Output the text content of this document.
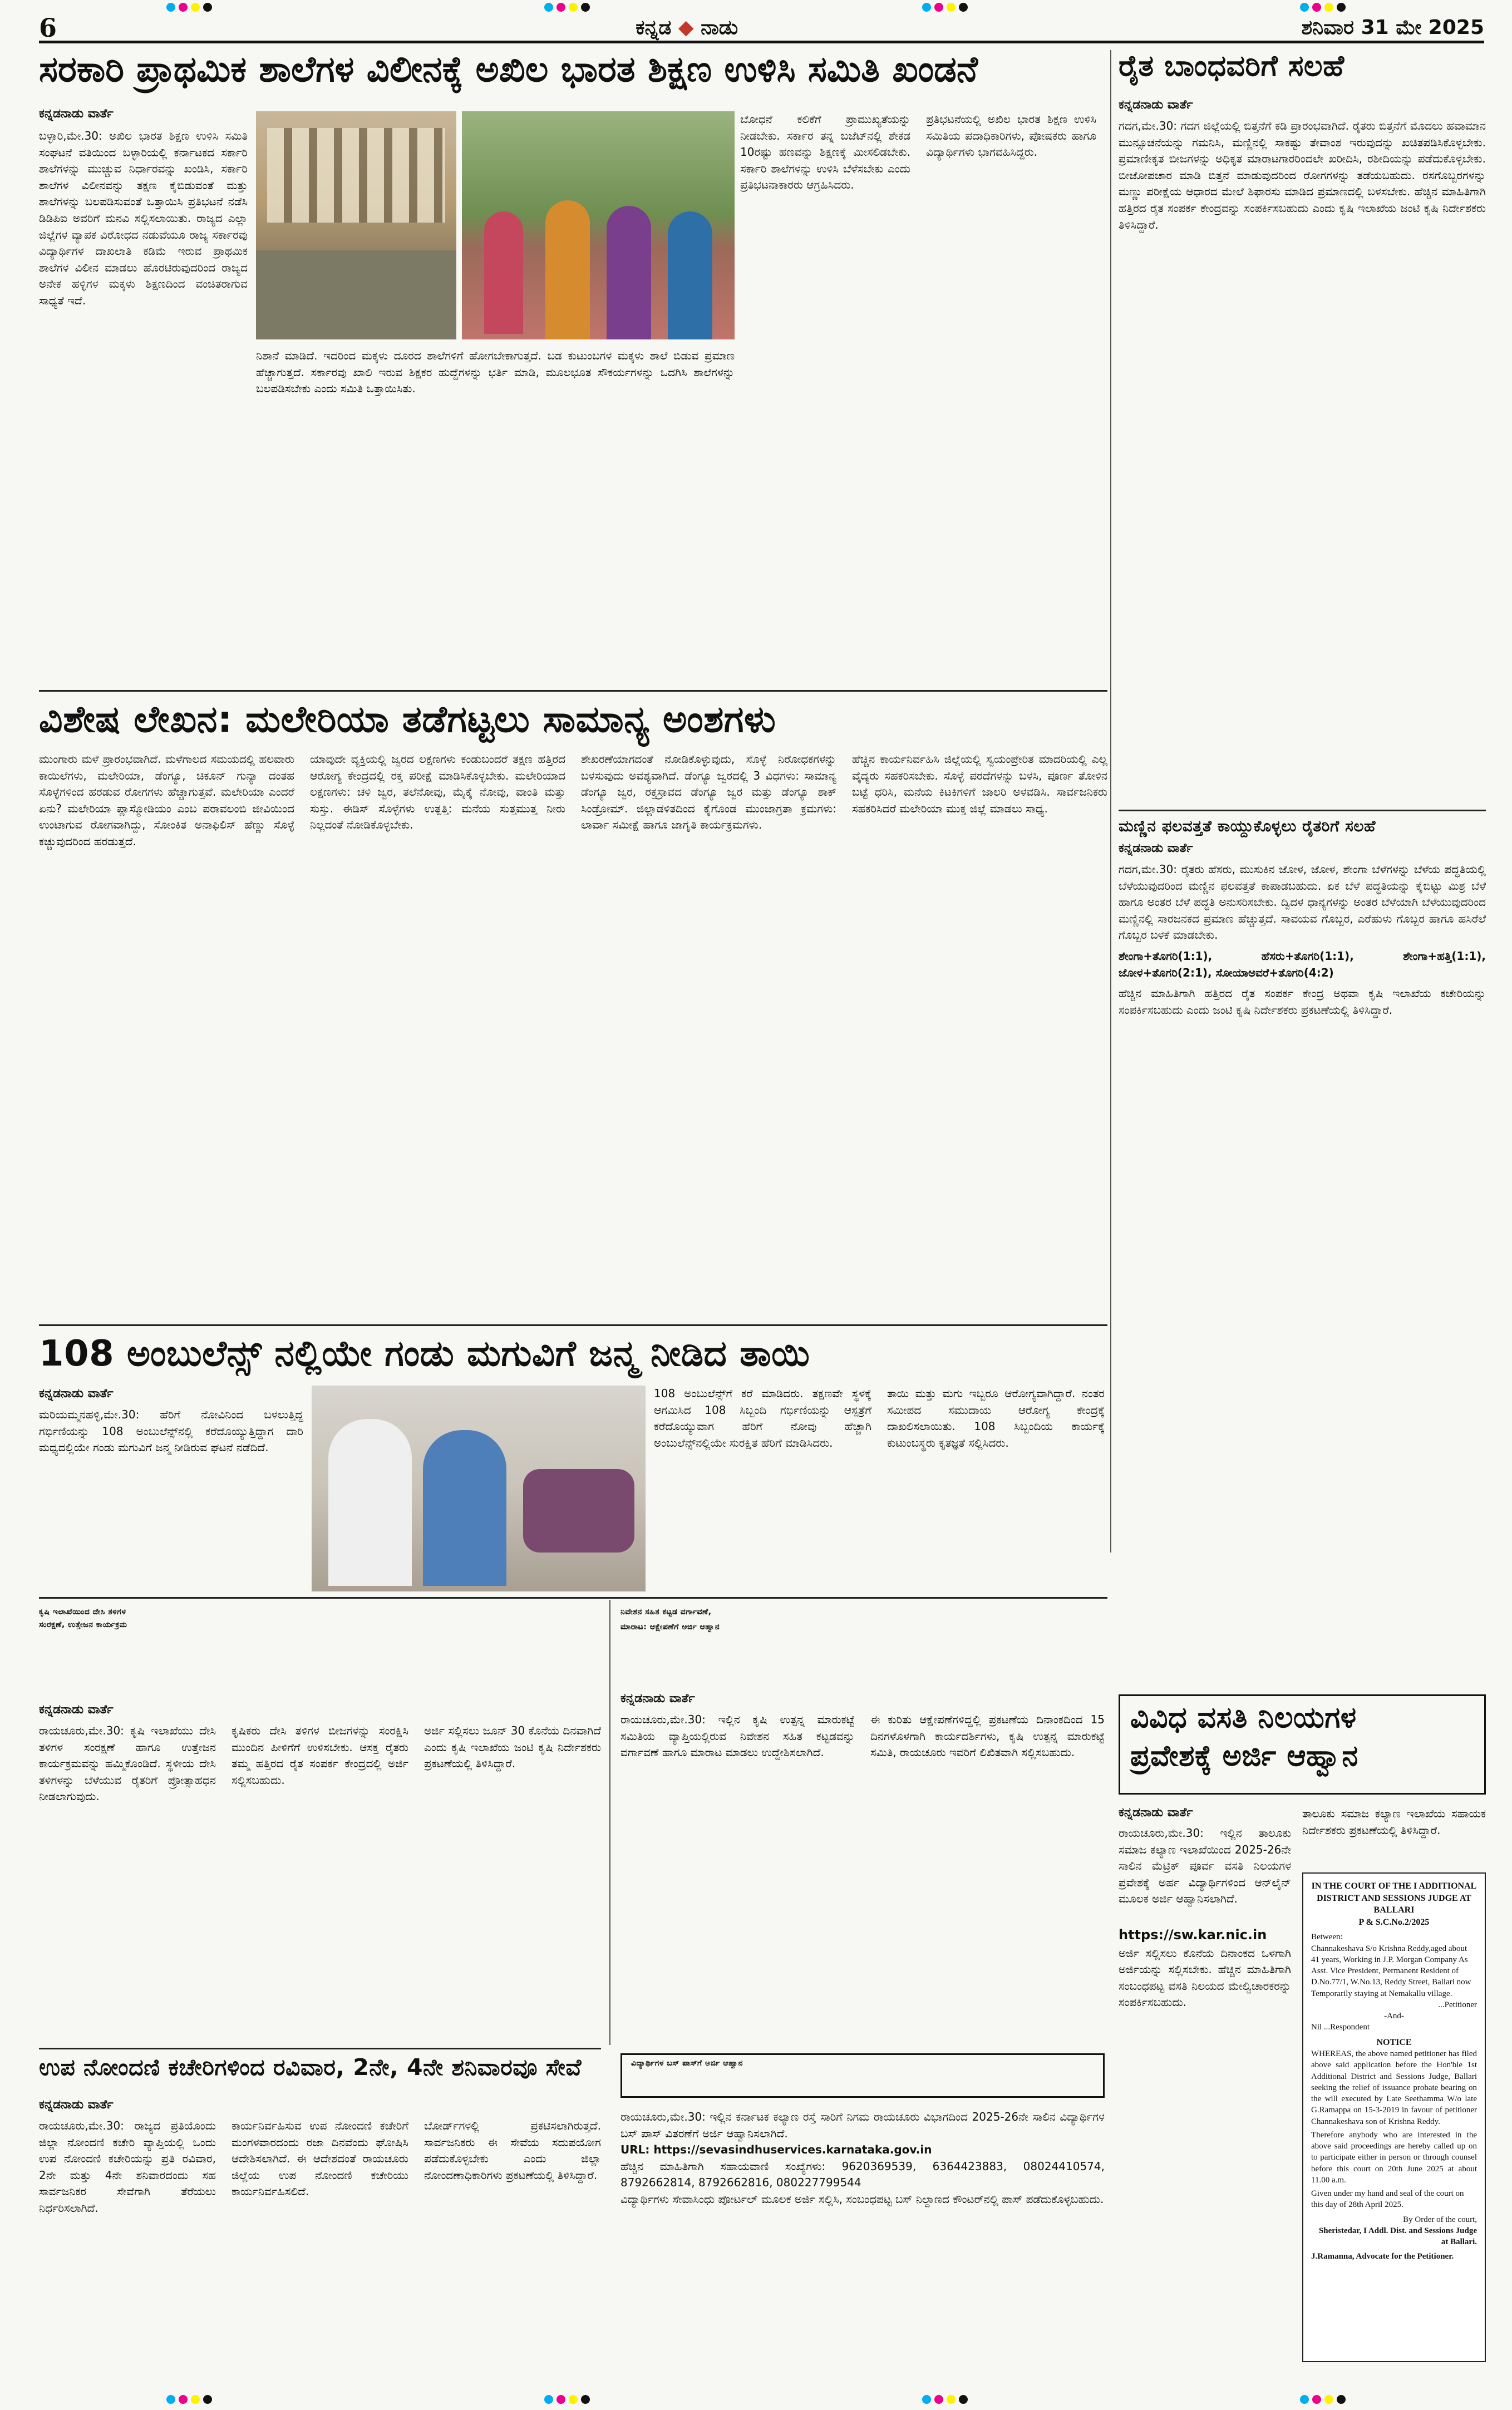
6	ಕನ್ನಡ ◆ ನಾಡು	ಶನಿವಾರ 31 ಮೇ 2025
ಸರಕಾರಿ ಪ್ರಾಥಮಿಕ ಶಾಲೆಗಳ ವಿಲೀನಕ್ಕೆ ಅಖಿಲ ಭಾರತ ಶಿಕ್ಷಣ ಉಳಿಸಿ ಸಮಿತಿ ಖಂಡನೆ
ಕನ್ನಡನಾಡು ವಾರ್ತೆ
ಬಳ್ಳಾರಿ,ಮೇ.30: ಅಖಿಲ ಭಾರತ ಶಿಕ್ಷಣ ಉಳಿಸಿ ಸಮಿತಿ ಸಂಘಟನೆ ವತಿಯಿಂದ ಬಳ್ಳಾರಿಯಲ್ಲಿ ಕರ್ನಾಟಕದ ಸರ್ಕಾರಿ ಶಾಲೆಗಳನ್ನು ಮುಚ್ಚುವ ನಿರ್ಧಾರವನ್ನು ಖಂಡಿಸಿ, ಸರ್ಕಾರಿ ಶಾಲೆಗಳ ವಿಲೀನವನ್ನು ತಕ್ಷಣ ಕೈಬಿಡುವಂತೆ ಮತ್ತು ಶಾಲೆಗಳನ್ನು ಬಲಪಡಿಸುವಂತೆ ಒತ್ತಾಯಿಸಿ ಪ್ರತಿಭಟನೆ ನಡೆಸಿ ಡಿಡಿಪಿಐ ಅವರಿಗೆ ಮನವಿ ಸಲ್ಲಿಸಲಾಯಿತು. ರಾಜ್ಯದ ಎಲ್ಲಾ ಜಿಲ್ಲೆಗಳ ವ್ಯಾಪಕ ವಿರೋಧದ ನಡುವೆಯೂ ರಾಜ್ಯ ಸರ್ಕಾರವು ವಿದ್ಯಾರ್ಥಿಗಳ ದಾಖಲಾತಿ ಕಡಿಮೆ ಇರುವ ಪ್ರಾಥಮಿಕ ಶಾಲೆಗಳ ವಿಲೀನ ಮಾಡಲು ಹೊರಟಿರುವುದರಿಂದ ರಾಜ್ಯದ ಅನೇಕ ಹಳ್ಳಿಗಳ ಮಕ್ಕಳು ಶಿಕ್ಷಣದಿಂದ ವಂಚಿತರಾಗುವ ಸಾಧ್ಯತೆ ಇದೆ.
ಬೋಧನೆ ಕಲಿಕೆಗೆ ಪ್ರಾಮುಖ್ಯತೆಯನ್ನು ನೀಡಬೇಕು. ಸರ್ಕಾರ ತನ್ನ ಬಜೆಟ್‌ನಲ್ಲಿ ಶೇಕಡ 10ರಷ್ಟು ಹಣವನ್ನು ಶಿಕ್ಷಣಕ್ಕೆ ಮೀಸಲಿಡಬೇಕು. ಸರ್ಕಾರಿ ಶಾಲೆಗಳನ್ನು ಉಳಿಸಿ ಬೆಳೆಸಬೇಕು ಎಂದು ಪ್ರತಿಭಟನಾಕಾರರು ಆಗ್ರಹಿಸಿದರು.
ಪ್ರತಿಭಟನೆಯಲ್ಲಿ ಅಖಿಲ ಭಾರತ ಶಿಕ್ಷಣ ಉಳಿಸಿ ಸಮಿತಿಯ ಪದಾಧಿಕಾರಿಗಳು, ಪೋಷಕರು ಹಾಗೂ ವಿದ್ಯಾರ್ಥಿಗಳು ಭಾಗವಹಿಸಿದ್ದರು.
ನಿಶಾನೆ ಮಾಡಿದೆ. ಇದರಿಂದ ಮಕ್ಕಳು ದೂರದ ಶಾಲೆಗಳಿಗೆ ಹೋಗಬೇಕಾಗುತ್ತದೆ. ಬಡ ಕುಟುಂಬಗಳ ಮಕ್ಕಳು ಶಾಲೆ ಬಿಡುವ ಪ್ರಮಾಣ ಹೆಚ್ಚಾಗುತ್ತದೆ. ಸರ್ಕಾರವು ಖಾಲಿ ಇರುವ ಶಿಕ್ಷಕರ ಹುದ್ದೆಗಳನ್ನು ಭರ್ತಿ ಮಾಡಿ, ಮೂಲಭೂತ ಸೌಕರ್ಯಗಳನ್ನು ಒದಗಿಸಿ ಶಾಲೆಗಳನ್ನು ಬಲಪಡಿಸಬೇಕು ಎಂದು ಸಮಿತಿ ಒತ್ತಾಯಿಸಿತು.
ರೈತ ಬಾಂಧವರಿಗೆ ಸಲಹೆ
ಕನ್ನಡನಾಡು ವಾರ್ತೆ
ಗದಗ,ಮೇ.30: ಗದಗ ಜಿಲ್ಲೆಯಲ್ಲಿ ಬಿತ್ತನೆಗೆ ಕಡಿ ಪ್ರಾರಂಭವಾಗಿದೆ. ರೈತರು ಬಿತ್ತನೆಗೆ ಮೊದಲು ಹವಾಮಾನ ಮುನ್ಸೂಚನೆಯನ್ನು ಗಮನಿಸಿ, ಮಣ್ಣಿನಲ್ಲಿ ಸಾಕಷ್ಟು ತೇವಾಂಶ ಇರುವುದನ್ನು ಖಚಿತಪಡಿಸಿಕೊಳ್ಳಬೇಕು. ಪ್ರಮಾಣೀಕೃತ ಬೀಜಗಳನ್ನು ಅಧಿಕೃತ ಮಾರಾಟಗಾರರಿಂದಲೇ ಖರೀದಿಸಿ, ರಶೀದಿಯನ್ನು ಪಡೆದುಕೊಳ್ಳಬೇಕು. ಬೀಜೋಪಚಾರ ಮಾಡಿ ಬಿತ್ತನೆ ಮಾಡುವುದರಿಂದ ರೋಗಗಳನ್ನು ತಡೆಯಬಹುದು. ರಸಗೊಬ್ಬರಗಳನ್ನು ಮಣ್ಣು ಪರೀಕ್ಷೆಯ ಆಧಾರದ ಮೇಲೆ ಶಿಫಾರಸು ಮಾಡಿದ ಪ್ರಮಾಣದಲ್ಲಿ ಬಳಸಬೇಕು. ಹೆಚ್ಚಿನ ಮಾಹಿತಿಗಾಗಿ ಹತ್ತಿರದ ರೈತ ಸಂಪರ್ಕ ಕೇಂದ್ರವನ್ನು ಸಂಪರ್ಕಿಸಬಹುದು ಎಂದು ಕೃಷಿ ಇಲಾಖೆಯ ಜಂಟಿ ಕೃಷಿ ನಿರ್ದೇಶಕರು ತಿಳಿಸಿದ್ದಾರೆ.
ವಿಶೇಷ ಲೇಖನ: ಮಲೇರಿಯಾ ತಡೆಗಟ್ಟಲು ಸಾಮಾನ್ಯ ಅಂಶಗಳು
ಮುಂಗಾರು ಮಳೆ ಪ್ರಾರಂಭವಾಗಿದೆ. ಮಳೆಗಾಲದ ಸಮಯದಲ್ಲಿ ಹಲವಾರು ಕಾಯಿಲೆಗಳು, ಮಲೇರಿಯಾ, ಡೆಂಗ್ಯೂ, ಚಿಕೂನ್ ಗುನ್ಯಾ ದಂತಹ ಸೊಳ್ಳೆಗಳಿಂದ ಹರಡುವ ರೋಗಗಳು ಹೆಚ್ಚಾಗುತ್ತವೆ. ಮಲೇರಿಯಾ ಎಂದರೆ ಏನು? ಮಲೇರಿಯಾ ಪ್ಲಾಸ್ಮೋಡಿಯಂ ಎಂಬ ಪರಾವಲಂಬಿ ಜೀವಿಯಿಂದ ಉಂಟಾಗುವ ರೋಗವಾಗಿದ್ದು, ಸೋಂಕಿತ ಅನಾಫಿಲಿಸ್ ಹೆಣ್ಣು ಸೊಳ್ಳೆ ಕಚ್ಚುವುದರಿಂದ ಹರಡುತ್ತದೆ.
ಯಾವುದೇ ವ್ಯಕ್ತಿಯಲ್ಲಿ ಜ್ವರದ ಲಕ್ಷಣಗಳು ಕಂಡುಬಂದರೆ ತಕ್ಷಣ ಹತ್ತಿರದ ಆರೋಗ್ಯ ಕೇಂದ್ರದಲ್ಲಿ ರಕ್ತ ಪರೀಕ್ಷೆ ಮಾಡಿಸಿಕೊಳ್ಳಬೇಕು. ಮಲೇರಿಯಾದ ಲಕ್ಷಣಗಳು: ಚಳಿ ಜ್ವರ, ತಲೆನೋವು, ಮೈಕೈ ನೋವು, ವಾಂತಿ ಮತ್ತು ಸುಸ್ತು. ಈಡಿಸ್ ಸೊಳ್ಳೆಗಳು ಉತ್ಪತ್ತಿ: ಮನೆಯ ಸುತ್ತಮುತ್ತ ನೀರು ನಿಲ್ಲದಂತೆ ನೋಡಿಕೊಳ್ಳಬೇಕು.
ಶೇಖರಣೆಯಾಗದಂತೆ ನೋಡಿಕೊಳ್ಳುವುದು, ಸೊಳ್ಳೆ ನಿರೋಧಕಗಳನ್ನು ಬಳಸುವುದು ಅವಶ್ಯವಾಗಿದೆ. ಡೆಂಗ್ಯೂ ಜ್ವರದಲ್ಲಿ 3 ವಿಧಗಳು: ಸಾಮಾನ್ಯ ಡೆಂಗ್ಯೂ ಜ್ವರ, ರಕ್ತಸ್ರಾವದ ಡೆಂಗ್ಯೂ ಜ್ವರ ಮತ್ತು ಡೆಂಗ್ಯೂ ಶಾಕ್ ಸಿಂಡ್ರೋಮ್. ಜಿಲ್ಲಾಡಳಿತದಿಂದ ಕೈಗೊಂಡ ಮುಂಜಾಗ್ರತಾ ಕ್ರಮಗಳು: ಲಾರ್ವಾ ಸಮೀಕ್ಷೆ ಹಾಗೂ ಜಾಗೃತಿ ಕಾರ್ಯಕ್ರಮಗಳು.
ಹೆಚ್ಚಿನ ಕಾರ್ಯನಿರ್ವಹಿಸಿ ಜಿಲ್ಲೆಯಲ್ಲಿ ಸ್ವಯಂಪ್ರೇರಿತ ಮಾದರಿಯಲ್ಲಿ ಎಲ್ಲ ವೈದ್ಯರು ಸಹಕರಿಸಬೇಕು. ಸೊಳ್ಳೆ ಪರದೆಗಳನ್ನು ಬಳಸಿ, ಪೂರ್ಣ ತೋಳಿನ ಬಟ್ಟೆ ಧರಿಸಿ, ಮನೆಯ ಕಿಟಕಿಗಳಿಗೆ ಜಾಲರಿ ಅಳವಡಿಸಿ. ಸಾರ್ವಜನಿಕರು ಸಹಕರಿಸಿದರೆ ಮಲೇರಿಯಾ ಮುಕ್ತ ಜಿಲ್ಲೆ ಮಾಡಲು ಸಾಧ್ಯ.
ಮಣ್ಣಿನ ಫಲವತ್ತತೆ ಕಾಯ್ದುಕೊಳ್ಳಲು ರೈತರಿಗೆ ಸಲಹೆ
ಕನ್ನಡನಾಡು ವಾರ್ತೆ
ಗದಗ,ಮೇ.30: ರೈತರು ಹೆಸರು, ಮುಸುಕಿನ ಜೋಳ, ಜೋಳ, ಶೇಂಗಾ ಬೆಳೆಗಳನ್ನು ಬೆಳೆಯ ಪದ್ಧತಿಯಲ್ಲಿ ಬೆಳೆಯುವುದರಿಂದ ಮಣ್ಣಿನ ಫಲವತ್ತತೆ ಕಾಪಾಡಬಹುದು. ಏಕ ಬೆಳೆ ಪದ್ಧತಿಯನ್ನು ಕೈಬಿಟ್ಟು ಮಿಶ್ರ ಬೆಳೆ ಹಾಗೂ ಅಂತರ ಬೆಳೆ ಪದ್ಧತಿ ಅನುಸರಿಸಬೇಕು. ದ್ವಿದಳ ಧಾನ್ಯಗಳನ್ನು ಅಂತರ ಬೆಳೆಯಾಗಿ ಬೆಳೆಯುವುದರಿಂದ ಮಣ್ಣಿನಲ್ಲಿ ಸಾರಜನಕದ ಪ್ರಮಾಣ ಹೆಚ್ಚುತ್ತದೆ. ಸಾವಯವ ಗೊಬ್ಬರ, ಎರೆಹುಳು ಗೊಬ್ಬರ ಹಾಗೂ ಹಸಿರೆಲೆ ಗೊಬ್ಬರ ಬಳಕೆ ಮಾಡಬೇಕು.
ಶೇಂಗಾ+ತೊಗರಿ(1:1), ಹೆಸರು+ತೊಗರಿ(1:1), ಶೇಂಗಾ+ಹತ್ತಿ(1:1), ಜೋಳ+ತೊಗರಿ(2:1), ಸೋಯಾಅವರೆ+ತೊಗರಿ(4:2)
ಹೆಚ್ಚಿನ ಮಾಹಿತಿಗಾಗಿ ಹತ್ತಿರದ ರೈತ ಸಂಪರ್ಕ ಕೇಂದ್ರ ಅಥವಾ ಕೃಷಿ ಇಲಾಖೆಯ ಕಚೇರಿಯನ್ನು ಸಂಪರ್ಕಿಸಬಹುದು ಎಂದು ಜಂಟಿ ಕೃಷಿ ನಿರ್ದೇಶಕರು ಪ್ರಕಟಣೆಯಲ್ಲಿ ತಿಳಿಸಿದ್ದಾರೆ.
108 ಅಂಬುಲೆನ್ಸ್ ನಲ್ಲಿಯೇ ಗಂಡು ಮಗುವಿಗೆ ಜನ್ಮ ನೀಡಿದ ತಾಯಿ
ಕನ್ನಡನಾಡು ವಾರ್ತೆ
ಮರಿಯಮ್ಮನಹಳ್ಳಿ,ಮೇ.30: ಹೆರಿಗೆ ನೋವಿನಿಂದ ಬಳಲುತ್ತಿದ್ದ ಗರ್ಭಿಣಿಯನ್ನು 108 ಅಂಬುಲೆನ್ಸ್‌ನಲ್ಲಿ ಕರೆದೊಯ್ಯುತ್ತಿದ್ದಾಗ ದಾರಿ ಮಧ್ಯದಲ್ಲಿಯೇ ಗಂಡು ಮಗುವಿಗೆ ಜನ್ಮ ನೀಡಿರುವ ಘಟನೆ ನಡೆದಿದೆ.
108 ಅಂಬುಲೆನ್ಸ್‌ಗೆ ಕರೆ ಮಾಡಿದರು. ತಕ್ಷಣವೇ ಸ್ಥಳಕ್ಕೆ ಆಗಮಿಸಿದ 108 ಸಿಬ್ಬಂದಿ ಗರ್ಭಿಣಿಯನ್ನು ಆಸ್ಪತ್ರೆಗೆ ಕರೆದೊಯ್ಯುವಾಗ ಹೆರಿಗೆ ನೋವು ಹೆಚ್ಚಾಗಿ ಅಂಬುಲೆನ್ಸ್‌ನಲ್ಲಿಯೇ ಸುರಕ್ಷಿತ ಹೆರಿಗೆ ಮಾಡಿಸಿದರು.
ತಾಯಿ ಮತ್ತು ಮಗು ಇಬ್ಬರೂ ಆರೋಗ್ಯವಾಗಿದ್ದಾರೆ. ನಂತರ ಸಮೀಪದ ಸಮುದಾಯ ಆರೋಗ್ಯ ಕೇಂದ್ರಕ್ಕೆ ದಾಖಲಿಸಲಾಯಿತು. 108 ಸಿಬ್ಬಂದಿಯ ಕಾರ್ಯಕ್ಕೆ ಕುಟುಂಬಸ್ಥರು ಕೃತಜ್ಞತೆ ಸಲ್ಲಿಸಿದರು.
ಕೃಷಿ ಇಲಾಖೆಯಿಂದ ದೇಸಿ ತಳಿಗಳ
ಸಂರಕ್ಷಣೆ, ಉತ್ತೇಜನ ಕಾರ್ಯಕ್ರಮ
ಕನ್ನಡನಾಡು ವಾರ್ತೆ
ರಾಯಚೂರು,ಮೇ.30: ಕೃಷಿ ಇಲಾಖೆಯು ದೇಸಿ ತಳಿಗಳ ಸಂರಕ್ಷಣೆ ಹಾಗೂ ಉತ್ತೇಜನ ಕಾರ್ಯಕ್ರಮವನ್ನು ಹಮ್ಮಿಕೊಂಡಿದೆ. ಸ್ಥಳೀಯ ದೇಸಿ ತಳಿಗಳನ್ನು ಬೆಳೆಯುವ ರೈತರಿಗೆ ಪ್ರೋತ್ಸಾಹಧನ ನೀಡಲಾಗುವುದು.
ಕೃಷಿಕರು ದೇಸಿ ತಳಿಗಳ ಬೀಜಗಳನ್ನು ಸಂರಕ್ಷಿಸಿ ಮುಂದಿನ ಪೀಳಿಗೆಗೆ ಉಳಿಸಬೇಕು. ಆಸಕ್ತ ರೈತರು ತಮ್ಮ ಹತ್ತಿರದ ರೈತ ಸಂಪರ್ಕ ಕೇಂದ್ರದಲ್ಲಿ ಅರ್ಜಿ ಸಲ್ಲಿಸಬಹುದು.
ಅರ್ಜಿ ಸಲ್ಲಿಸಲು ಜೂನ್ 30 ಕೊನೆಯ ದಿನವಾಗಿದೆ ಎಂದು ಕೃಷಿ ಇಲಾಖೆಯ ಜಂಟಿ ಕೃಷಿ ನಿರ್ದೇಶಕರು ಪ್ರಕಟಣೆಯಲ್ಲಿ ತಿಳಿಸಿದ್ದಾರೆ.
ನಿವೇಶನ ಸಹಿತ ಕಟ್ಟಡ ವರ್ಗಾವಣೆ,
ಮಾರಾಟ: ಆಕ್ಷೇಪಣೆಗೆ ಅರ್ಜಿ ಆಹ್ವಾನ
ಕನ್ನಡನಾಡು ವಾರ್ತೆ
ರಾಯಚೂರು,ಮೇ.30: ಇಲ್ಲಿನ ಕೃಷಿ ಉತ್ಪನ್ನ ಮಾರುಕಟ್ಟೆ ಸಮಿತಿಯ ವ್ಯಾಪ್ತಿಯಲ್ಲಿರುವ ನಿವೇಶನ ಸಹಿತ ಕಟ್ಟಡವನ್ನು ವರ್ಗಾವಣೆ ಹಾಗೂ ಮಾರಾಟ ಮಾಡಲು ಉದ್ದೇಶಿಸಲಾಗಿದೆ.
ಈ ಕುರಿತು ಆಕ್ಷೇಪಣೆಗಳಿದ್ದಲ್ಲಿ ಪ್ರಕಟಣೆಯ ದಿನಾಂಕದಿಂದ 15 ದಿನಗಳೊಳಗಾಗಿ ಕಾರ್ಯದರ್ಶಿಗಳು, ಕೃಷಿ ಉತ್ಪನ್ನ ಮಾರುಕಟ್ಟೆ ಸಮಿತಿ, ರಾಯಚೂರು ಇವರಿಗೆ ಲಿಖಿತವಾಗಿ ಸಲ್ಲಿಸಬಹುದು.
ವಿವಿಧ ವಸತಿ ನಿಲಯಗಳ
ಪ್ರವೇಶಕ್ಕೆ ಅರ್ಜಿ ಆಹ್ವಾನ
ಕನ್ನಡನಾಡು ವಾರ್ತೆ
ರಾಯಚೂರು,ಮೇ.30: ಇಲ್ಲಿನ ತಾಲೂಕು ಸಮಾಜ ಕಲ್ಯಾಣ ಇಲಾಖೆಯಿಂದ 2025-26ನೇ ಸಾಲಿನ ಮೆಟ್ರಿಕ್ ಪೂರ್ವ ವಸತಿ ನಿಲಯಗಳ ಪ್ರವೇಶಕ್ಕೆ ಅರ್ಹ ವಿದ್ಯಾರ್ಥಿಗಳಿಂದ ಆನ್‌ಲೈನ್ ಮೂಲಕ ಅರ್ಜಿ ಆಹ್ವಾನಿಸಲಾಗಿದೆ.
ತಾಲೂಕು ಸಮಾಜ ಕಲ್ಯಾಣ ಇಲಾಖೆಯ ಸಹಾಯಕ ನಿರ್ದೇಶಕರು ಪ್ರಕಟಣೆಯಲ್ಲಿ ತಿಳಿಸಿದ್ದಾರೆ.
IN THE COURT OF THE I ADDITIONAL DISTRICT AND SESSIONS JUDGE AT BALLARI
P & S.C.No.2/2025
Between:
Channakeshava S/o Krishna Reddy,aged about 41 years, Working in J.P. Morgan Company As Asst. Vice President, Permanent Resident of D.No.77/1, W.No.13, Reddy Street, Ballari now Temporarily staying at Nemakallu village.
...Petitioner
-And-
Nil ...Respondent
NOTICE
WHEREAS, the above named petitioner has filed above said application before the Hon'ble 1st Additional District and Sessions Judge, Ballari seeking the relief of issuance probate bearing on the will executed by Late Seethamma W/o late G.Ramappa on 15-3-2019 in favour of petitioner Channakeshava son of Krishna Reddy.
Therefore anybody who are interested in the above said proceedings are hereby called up on to participate either in person or through counsel before this court on 20th June 2025 at about 11.00 a.m.
Given under my hand and seal of the court on this day of 28th April 2025.
By Order of the court,
Sheristedar, I Addl. Dist. and Sessions Judge at Ballari.
J.Ramanna, Advocate for the Petitioner.
https://sw.kar.nic.in
ಅರ್ಜಿ ಸಲ್ಲಿಸಲು ಕೊನೆಯ ದಿನಾಂಕದ ಒಳಗಾಗಿ ಅರ್ಜಿಯನ್ನು ಸಲ್ಲಿಸಬೇಕು. ಹೆಚ್ಚಿನ ಮಾಹಿತಿಗಾಗಿ ಸಂಬಂಧಪಟ್ಟ ವಸತಿ ನಿಲಯದ ಮೇಲ್ವಿಚಾರಕರನ್ನು ಸಂಪರ್ಕಿಸಬಹುದು.
ಉಪ ನೋಂದಣಿ ಕಚೇರಿಗಳಿಂದ ರವಿವಾರ, 2ನೇ, 4ನೇ ಶನಿವಾರವೂ ಸೇವೆ
ಕನ್ನಡನಾಡು ವಾರ್ತೆ
ರಾಯಚೂರು,ಮೇ.30: ರಾಜ್ಯದ ಪ್ರತಿಯೊಂದು ಜಿಲ್ಲಾ ನೋಂದಣಿ ಕಚೇರಿ ವ್ಯಾಪ್ತಿಯಲ್ಲಿ ಒಂದು ಉಪ ನೋಂದಣಿ ಕಚೇರಿಯನ್ನು ಪ್ರತಿ ರವಿವಾರ, 2ನೇ ಮತ್ತು 4ನೇ ಶನಿವಾರದಂದು ಸಹ ಸಾರ್ವಜನಿಕರ ಸೇವೆಗಾಗಿ ತೆರೆಯಲು ನಿರ್ಧರಿಸಲಾಗಿದೆ.
ಕಾರ್ಯನಿರ್ವಹಿಸುವ ಉಪ ನೋಂದಣಿ ಕಚೇರಿಗೆ ಮಂಗಳವಾರದಂದು ರಜಾ ದಿನವೆಂದು ಘೋಷಿಸಿ ಆದೇಶಿಸಲಾಗಿದೆ. ಈ ಆದೇಶದಂತೆ ರಾಯಚೂರು ಜಿಲ್ಲೆಯ ಉಪ ನೋಂದಣಿ ಕಚೇರಿಯು ಕಾರ್ಯನಿರ್ವಹಿಸಲಿದೆ.
ಬೋರ್ಡ್‌ಗಳಲ್ಲಿ ಪ್ರಕಟಿಸಲಾಗಿರುತ್ತದೆ. ಸಾರ್ವಜನಿಕರು ಈ ಸೇವೆಯ ಸದುಪಯೋಗ ಪಡೆದುಕೊಳ್ಳಬೇಕು ಎಂದು ಜಿಲ್ಲಾ ನೋಂದಣಾಧಿಕಾರಿಗಳು ಪ್ರಕಟಣೆಯಲ್ಲಿ ತಿಳಿಸಿದ್ದಾರೆ.
ವಿದ್ಯಾರ್ಥಿಗಳ ಬಸ್ ಪಾಸ್‌ಗೆ ಅರ್ಜಿ ಆಹ್ವಾನ
ರಾಯಚೂರು,ಮೇ.30: ಇಲ್ಲಿನ ಕರ್ನಾಟಕ ಕಲ್ಯಾಣ ರಸ್ತೆ ಸಾರಿಗೆ ನಿಗಮ ರಾಯಚೂರು ವಿಭಾಗದಿಂದ 2025-26ನೇ ಸಾಲಿನ ವಿದ್ಯಾರ್ಥಿಗಳ ಬಸ್ ಪಾಸ್ ವಿತರಣೆಗೆ ಅರ್ಜಿ ಆಹ್ವಾನಿಸಲಾಗಿದೆ.
URL: https://sevasindhuservices.karnataka.gov.in
ಹೆಚ್ಚಿನ ಮಾಹಿತಿಗಾಗಿ ಸಹಾಯವಾಣಿ ಸಂಖ್ಯೆಗಳು: 9620369539, 6364423883, 08024410574, 8792662814, 8792662816, 080227799544
ವಿದ್ಯಾರ್ಥಿಗಳು ಸೇವಾಸಿಂಧು ಪೋರ್ಟಲ್ ಮೂಲಕ ಅರ್ಜಿ ಸಲ್ಲಿಸಿ, ಸಂಬಂಧಪಟ್ಟ ಬಸ್ ನಿಲ್ದಾಣದ ಕೌಂಟರ್‌ನಲ್ಲಿ ಪಾಸ್ ಪಡೆದುಕೊಳ್ಳಬಹುದು.
